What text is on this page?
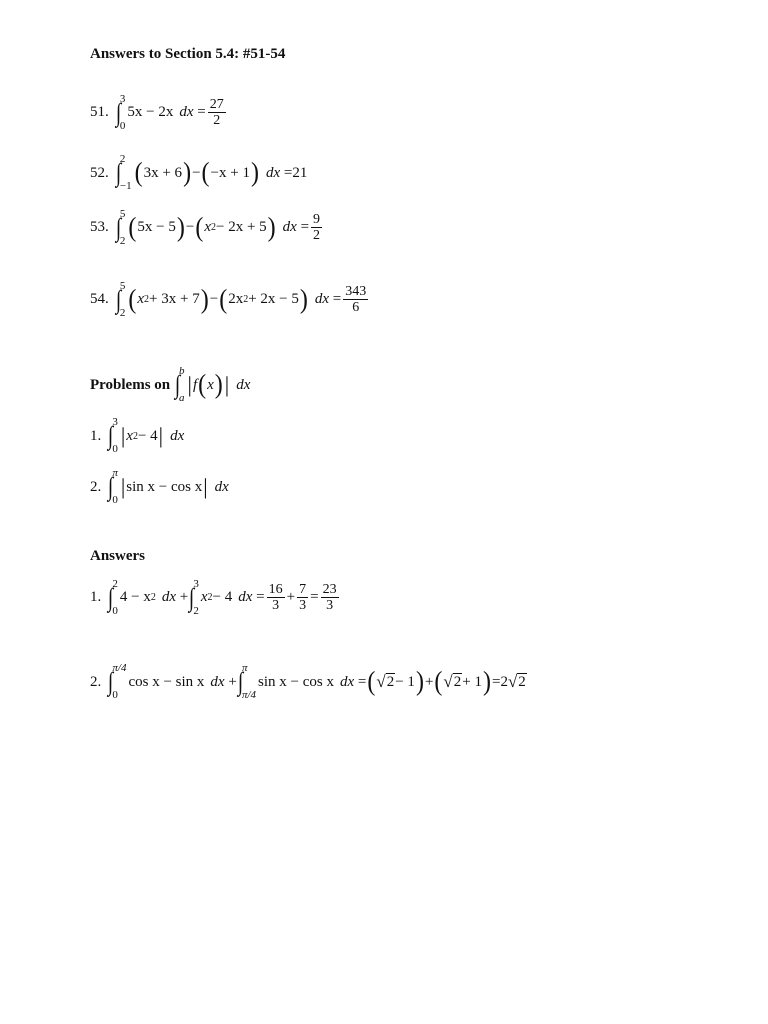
Answers to Section 5.4: #51-54
51. ∫
3
0
5x − 2x dx = $\frac{27}{2}$
52. ∫
2
−1 ( 3x + 6 ) − ( −x + 1 ) dx = 21
53. ∫
5
2 ( 5x − 5 ) − ( x 2 − 2x + 5 ) dx = $\frac{9}{2}$
54. ∫
5
2 ( x 2 + 3x + 7 ) − ( 2x 2 + 2x − 5 ) dx = $\frac{343}{6}$
Problems on
∫
b
a
| f ( x ) | dx
1. ∫
3
0
| x 2 − 4 | dx
2. ∫
π
0
| sin x − cos x | dx
Answers
1. ∫
2
0
4 − x 2 dx + ∫
3
2
x 2 − 4 dx = $\frac{16}{3} + \frac{7}{3} = \frac{23}{3}$
2. ∫
π/4
0
cos x − sin x dx + ∫
π
π/4
sin x − cos x dx = ( √ 2 − 1 ) + ( √ 2 + 1 ) = 2 √ 2
